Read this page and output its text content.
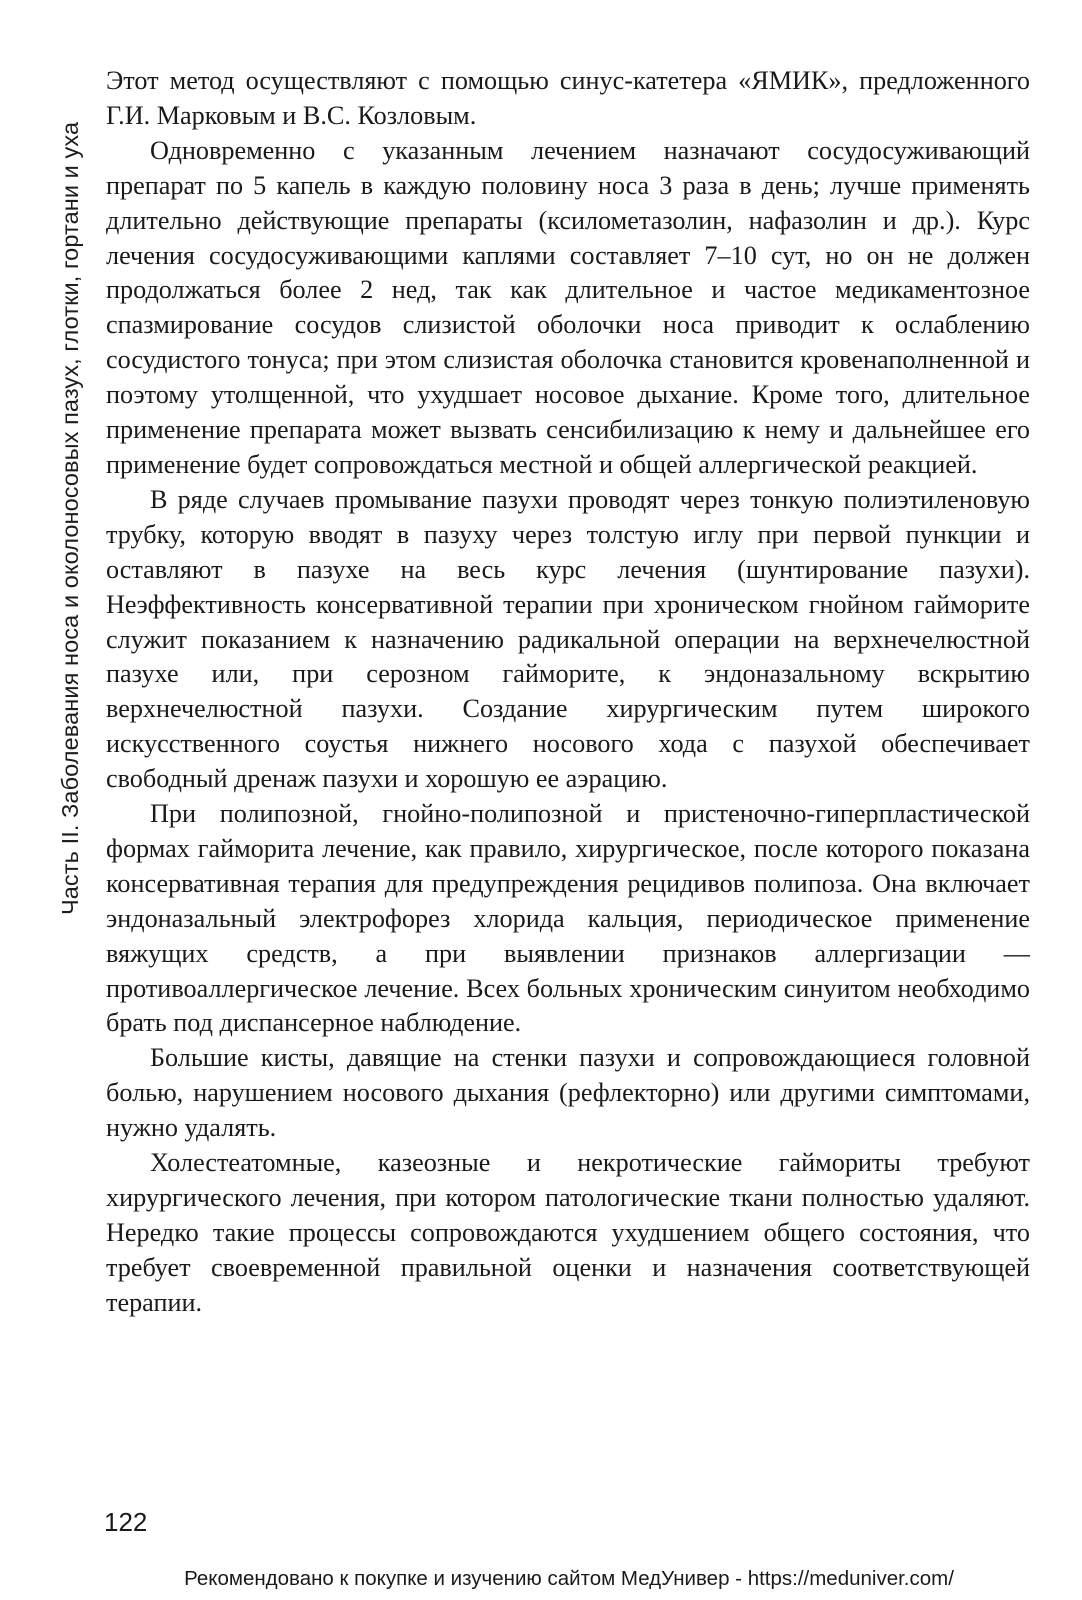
Часть II. Заболевания носа и околоносовых пазух, глотки, гортани и уха

Этот метод осуществляют с помощью синус-катетера «ЯМИК», предложенного Г.И. Марковым и В.С. Козловым.

Одновременно с указанным лечением назначают сосудосуживающий препарат по 5 капель в каждую половину носа 3 раза в день; лучше применять длительно действующие препараты (ксилометазолин, нафазолин и др.). Курс лечения сосудосуживающими каплями составляет 7–10 сут, но он не должен продолжаться более 2 нед, так как длительное и частое медикаментозное спазмирование сосудов слизистой оболочки носа приводит к ослаблению сосудистого тонуса; при этом слизистая оболочка становится кровенаполненной и поэтому утолщенной, что ухудшает носовое дыхание. Кроме того, длительное применение препарата может вызвать сенсибилизацию к нему и дальнейшее его применение будет сопровождаться местной и общей аллергической реакцией.

В ряде случаев промывание пазухи проводят через тонкую полиэтиленовую трубку, которую вводят в пазуху через толстую иглу при первой пункции и оставляют в пазухе на весь курс лечения (шунтирование пазухи). Неэффективность консервативной терапии при хроническом гнойном гайморите служит показанием к назначению радикальной операции на верхнечелюстной пазухе или, при серозном гайморите, к эндоназальному вскрытию верхнечелюстной пазухи. Создание хирургическим путем широкого искусственного соустья нижнего носового хода с пазухой обеспечивает свободный дренаж пазухи и хорошую ее аэрацию.

При полипозной, гнойно-полипозной и пристеночно-гиперпластической формах гайморита лечение, как правило, хирургическое, после которого показана консервативная терапия для предупреждения рецидивов полипоза. Она включает эндоназальный электрофорез хлорида кальция, периодическое применение вяжущих средств, а при выявлении признаков аллергизации — противоаллергическое лечение. Всех больных хроническим синуитом необходимо брать под диспансерное наблюдение.

Большие кисты, давящие на стенки пазухи и сопровождающиеся головной болью, нарушением носового дыхания (рефлекторно) или другими симптомами, нужно удалять.

Холестеатомные, казеозные и некротические гаймориты требуют хирургического лечения, при котором патологические ткани полностью удаляют. Нередко такие процессы сопровождаются ухудшением общего состояния, что требует своевременной правильной оценки и назначения соответствующей терапии.

122
Рекомендовано к покупке и изучению сайтом МедУнивер - https://meduniver.com/
